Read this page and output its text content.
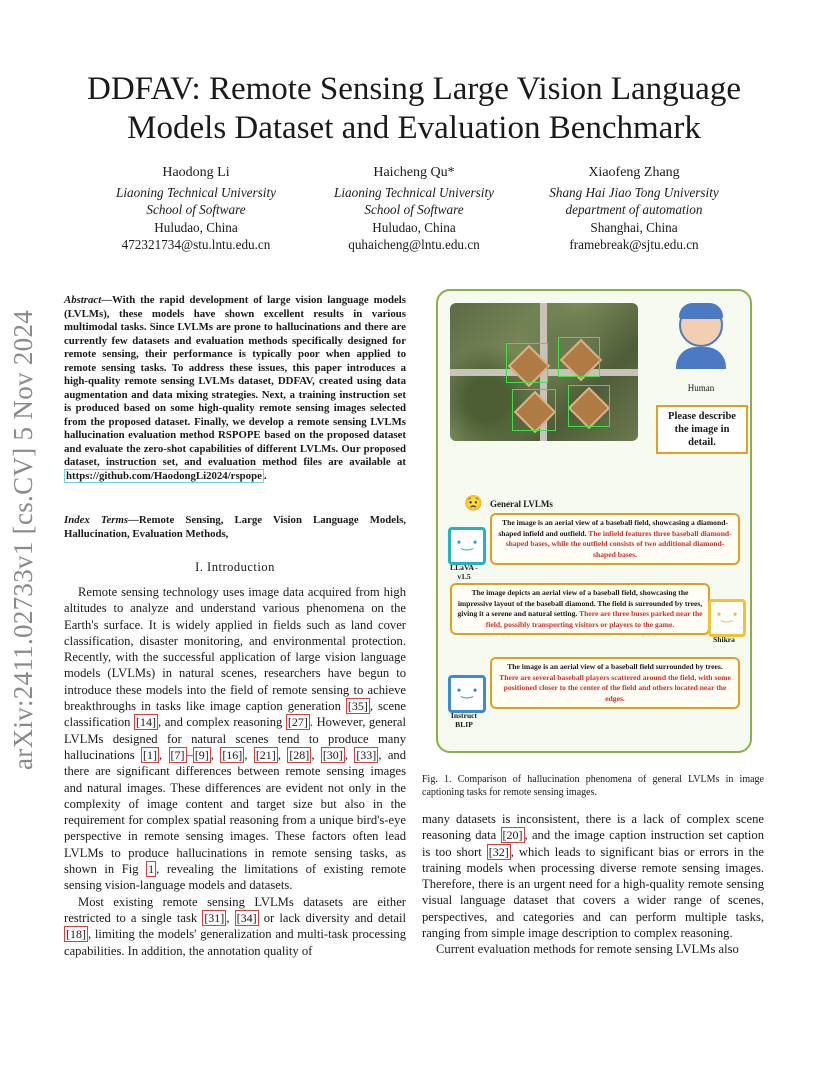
arXiv:2411.02733v1 [cs.CV] 5 Nov 2024
DDFAV: Remote Sensing Large Vision Language
Models Dataset and Evaluation Benchmark
Haodong Li
Liaoning Technical University
School of Software
Huludao, China
472321734@stu.lntu.edu.cn
Haicheng Qu*
Liaoning Technical University
School of Software
Huludao, China
quhaicheng@lntu.edu.cn
Xiaofeng Zhang
Shang Hai Jiao Tong University
department of automation
Shanghai, China
framebreak@sjtu.edu.cn
Abstract—With the rapid development of large vision language models (LVLMs), these models have shown excellent results in various multimodal tasks. Since LVLMs are prone to hallucinations and there are currently few datasets and evaluation methods specifically designed for remote sensing, their performance is typically poor when applied to remote sensing tasks. To address these issues, this paper introduces a high-quality remote sensing LVLMs dataset, DDFAV, created using data augmentation and data mixing strategies. Next, a training instruction set is produced based on some high-quality remote sensing images selected from the proposed dataset. Finally, we develop a remote sensing LVLMs hallucination evaluation method RSPOPE based on the proposed dataset and evaluate the zero-shot capabilities of different LVLMs. Our proposed dataset, instruction set, and evaluation method files are available at https://github.com/HaodongLi2024/rspope .
Index Terms—Remote Sensing, Large Vision Language Models, Hallucination, Evaluation Methods,
I. Introduction

Remote sensing technology uses image data acquired from high altitudes to analyze and understand various phenomena on the Earth's surface. It is widely applied in fields such as land cover classification, disaster monitoring, and environmental protection. Recently, with the successful application of large vision language models (LVLMs) in natural scenes, researchers have begun to introduce these models into the field of remote sensing to achieve breakthroughs in tasks like image caption generation [35] , scene classification [14] , and complex reasoning [27] . However, general LVLMs designed for natural scenes tend to produce many hallucinations [1] , [7] – [9] , [16] , [21] , [28] , [30] , [33] , and there are significant differences between remote sensing images and natural images. These differences are evident not only in the complexity of image content and target size but also in the requirement for complex spatial reasoning from a unique bird's-eye perspective in remote sensing images. These factors often lead LVLMs to produce hallucinations in remote sensing tasks, as shown in Fig 1 , revealing the limitations of existing remote sensing vision-language models and datasets.

Most existing remote sensing LVLMs datasets are either restricted to a single task [31] , [34] or lack diversity and detail [18] , limiting the models' generalization and multi-task processing capabilities. In addition, the annotation quality of

Human
Please describe the image in detail.
😟 General LVLMs
•‿•
LLaVA -v1.5
The image is an aerial view of a baseball field, showcasing a diamond-shaped infield and outfield. The infield features three baseball diamond-shaped bases, while the outfield consists of two additional diamond-shaped bases.
The image depicts an aerial view of a baseball field, showcasing the impressive layout of the baseball diamond. The field is surrounded by trees, giving it a serene and natural setting. There are three buses parked near the field, possibly transporting visitors or players to the game.
•‿•
Shikra
•‿•
Instruct BLIP
The image is an aerial view of a baseball field surrounded by trees. There are several baseball players scattered around the field, with some positioned closer to the center of the field and others located near the edges.
Fig. 1. Comparison of hallucination phenomena of general LVLMs in image captioning tasks for remote sensing images.

many datasets is inconsistent, there is a lack of complex scene reasoning data [20] , and the image caption instruction set caption is too short [32] , which leads to significant bias or errors in the training models when processing diverse remote sensing images. Therefore, there is an urgent need for a high-quality remote sensing visual language dataset that covers a wider range of scenes, perspectives, and categories and can perform multiple tasks, ranging from simple image description to complex reasoning.

Current evaluation methods for remote sensing LVLMs also
